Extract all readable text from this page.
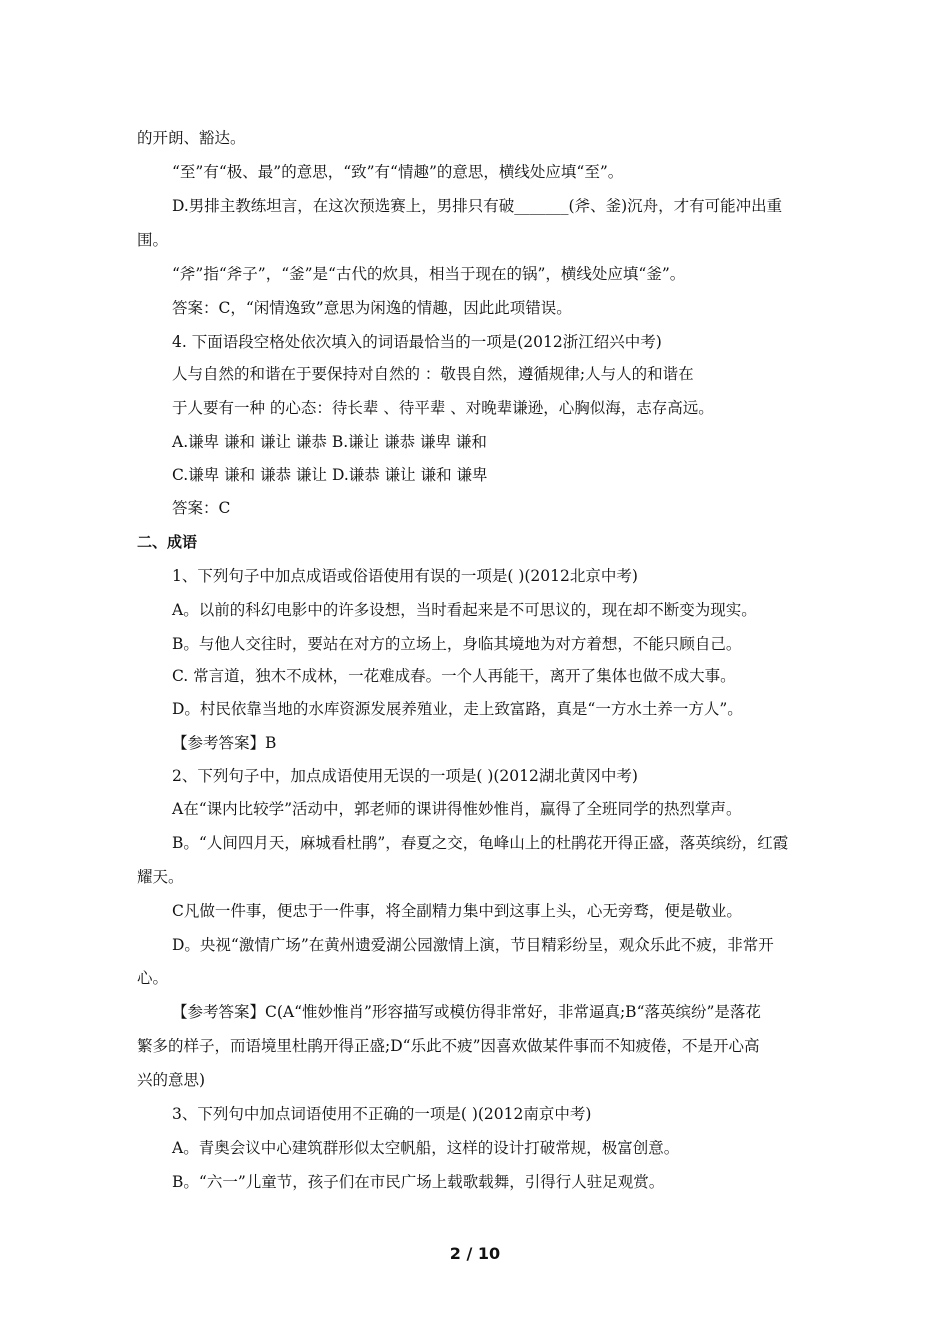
的开朗、豁达。
“至”有“极、最”的意思，“致”有“情趣”的意思，横线处应填“至”。
D.男排主教练坦言，在这次预选赛上，男排只有破_______(斧、釜)沉舟，才有可能冲出重
围。
“斧”指“斧子”，“釜”是“古代的炊具，相当于现在的锅”，横线处应填“釜”。
答案：C，“闲情逸致”意思为闲逸的情趣，因此此项错误。
4. 下面语段空格处依次填入的词语最恰当的一项是(2012浙江绍兴中考)
人与自然的和谐在于要保持对自然的 ：敬畏自然，遵循规律;人与人的和谐在
于人要有一种 的心态：待长辈 、待平辈 、对晚辈谦逊，心胸似海，志存高远。
A.谦卑 谦和 谦让 谦恭 B.谦让 谦恭 谦卑 谦和
C.谦卑 谦和 谦恭 谦让 D.谦恭 谦让 谦和 谦卑
答案：C
二、成语
1、下列句子中加点成语或俗语使用有误的一项是( )(2012北京中考)
A。以前的科幻电影中的许多设想，当时看起来是不可思议的，现在却不断变为现实。
B。与他人交往时，要站在对方的立场上，身临其境地为对方着想，不能只顾自己。
C. 常言道，独木不成林，一花难成春。一个人再能干，离开了集体也做不成大事。
D。村民依靠当地的水库资源发展养殖业，走上致富路，真是“一方水土养一方人”。
【参考答案】B
2、下列句子中，加点成语使用无误的一项是( )(2012湖北黄冈中考)
A在“课内比较学”活动中，郭老师的课讲得惟妙惟肖，赢得了全班同学的热烈掌声。
B。“人间四月天，麻城看杜鹃”，春夏之交，龟峰山上的杜鹃花开得正盛，落英缤纷，红霞
耀天。
C凡做一件事，便忠于一件事，将全副精力集中到这事上头，心无旁骛，便是敬业。
D。央视“激情广场”在黄州遗爱湖公园激情上演，节目精彩纷呈，观众乐此不疲，非常开
心。
【参考答案】C(A“惟妙惟肖”形容描写或模仿得非常好，非常逼真;B“落英缤纷”是落花
繁多的样子，而语境里杜鹃开得正盛;D“乐此不疲”因喜欢做某件事而不知疲倦，不是开心高
兴的意思)
3、下列句中加点词语使用不正确的一项是( )(2012南京中考)
A。青奥会议中心建筑群形似太空帆船，这样的设计打破常规，极富创意。
B。“六一”儿童节，孩子们在市民广场上载歌载舞，引得行人驻足观赏。
2 / 10
